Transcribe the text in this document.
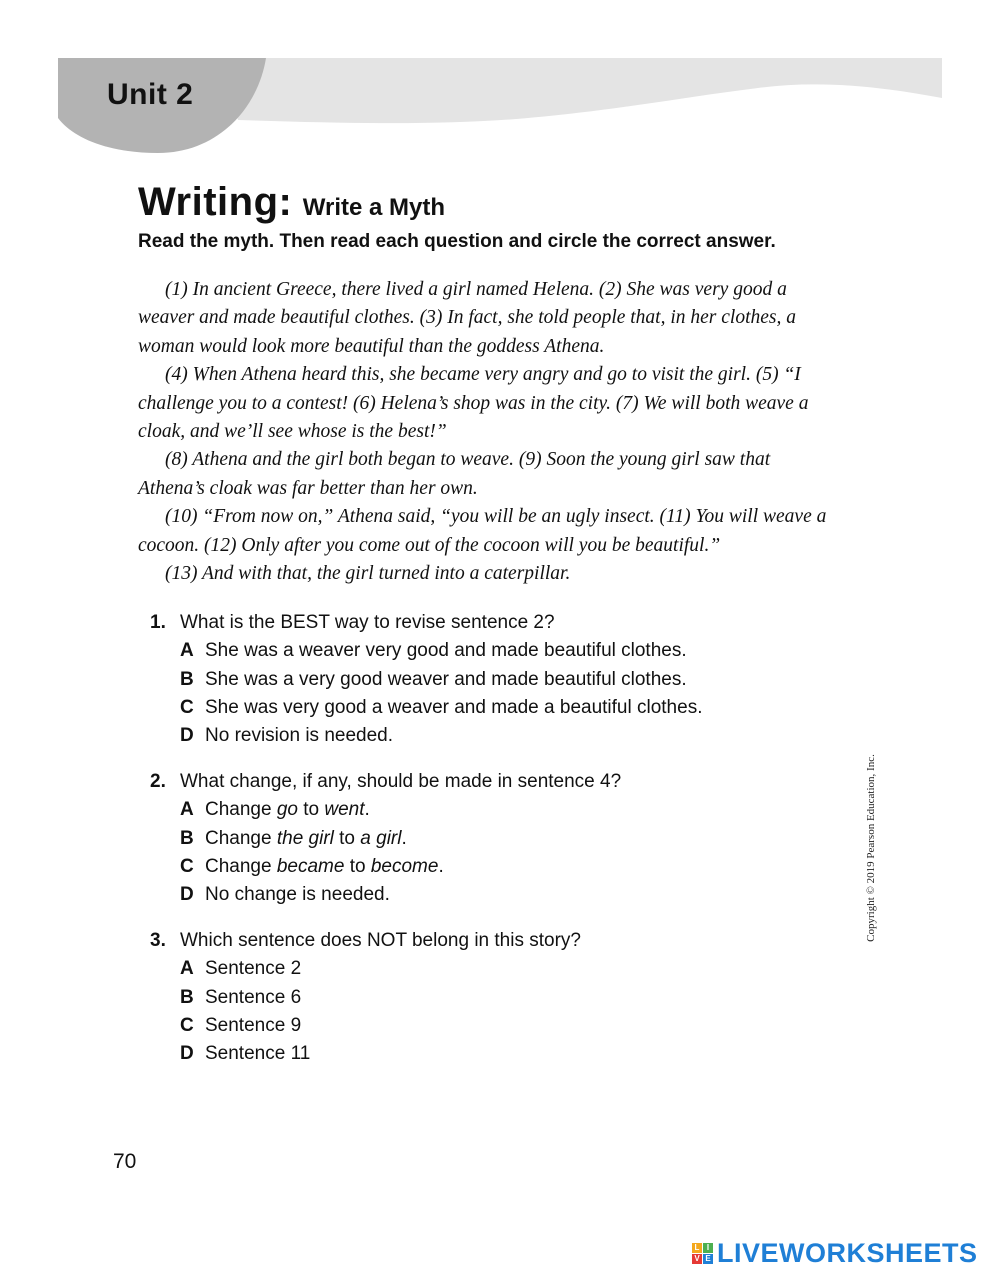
Unit 2
Writing: Write a Myth
Read the myth. Then read each question and circle the correct answer.

(1) In ancient Greece, there lived a girl named Helena. (2) She was very good a weaver and made beautiful clothes. (3) In fact, she told people that, in her clothes, a woman would look more beautiful than the goddess Athena.

(4) When Athena heard this, she became very angry and go to visit the girl. (5) “I challenge you to a contest! (6) Helena’s shop was in the city. (7) We will both weave a cloak, and we’ll see whose is the best!”

(8) Athena and the girl both began to weave. (9) Soon the young girl saw that Athena’s cloak was far better than her own.

(10) “From now on,” Athena said, “you will be an ugly insect. (11) You will weave a cocoon. (12) Only after you come out of the cocoon will you be beautiful.”

(13) And with that, the girl turned into a caterpillar.

1. What is the BEST way to revise sentence 2?
A She was a weaver very good and made beautiful clothes.
B She was a very good weaver and made beautiful clothes.
C She was very good a weaver and made a beautiful clothes.
D No revision is needed.
2. What change, if any, should be made in sentence 4?
A Change go to went.
B Change the girl to a girl.
C Change became to become.
D No change is needed.
3. Which sentence does NOT belong in this story?
A Sentence 2
B Sentence 6
C Sentence 9
D Sentence 11
Copyright © 2019 Pearson Education, Inc.
70
L I
V E LIVEWORKSHEETS
